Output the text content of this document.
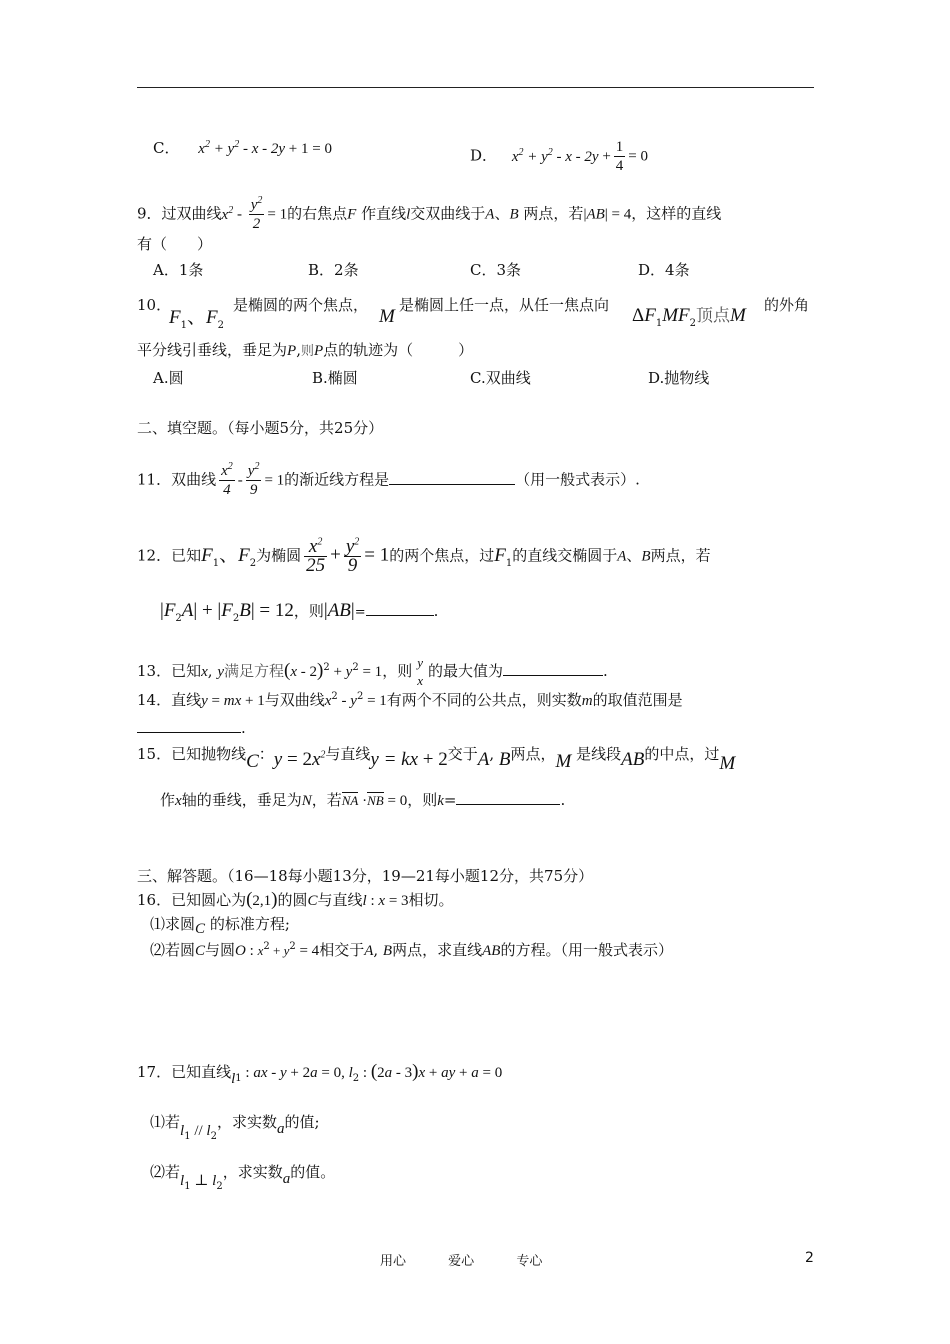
C． $x^2 + y^2 - x - 2y + 1 = 0$	D． $x^2 + y^2 - x - 2y + \frac{1}{4} = 0$
9．过双曲线$x^2 - \frac{y^2}{2} = 1$的右焦点F 作直线l交双曲线于A、B 两点，若|AB| = 4，这样的直线
有（　　）
A．1条	B．2条	C．3条	D．4条
10．
$F_1$、$F_2$
是椭圆的两个焦点，
M
是椭圆上任一点，从任一焦点向 $\Delta F_1MF_2$顶点M 的外角
平分线引垂线，垂足为P,则P点的轨迹为（　　　）
A.圆	B.椭圆	C.双曲线	D.抛物线
二、填空题。（每小题5分，共25分）
11．双曲线 $\frac{x^2}{4} - \frac{y^2}{9} = 1$的渐近线方程是	（用一般式表示）.
12．已知$F_1$、$F_2$为椭圆 $\frac{x^2}{25} + \frac{y^2}{9} = 1$的两个焦点，过$F_1$的直线交椭圆于A、B两点，若
$|F_2A| + |F_2B| = 12$，则|AB|=	.
13．已知x, y满足方程$(x - 2)^2 + y^2 = 1$，则 y
x
的最大值为	.
14．直线y = mx + 1与双曲线$x^2 - y^2 = 1$有两个不同的公共点，则实数m的取值范围是
.
15．已知抛物线C：$y = 2x^2$与直线y = kx + 2交于A, B两点，M 是线段AB的中点，过M
作x轴的垂线，垂足为N，若NA ·NB = 0，则k=	.
三、解答题。（16—18每小题13分，19—21每小题12分，共75分）
16．已知圆心为(2,1)的圆C与直线l : x = 3相切。
⑴求圆C 的标准方程;
⑵若圆C与圆O : $x^2 + y^2 = 4$相交于A, B两点，求直线AB的方程。（用一般式表示）
17．已知直线$l_1$ : ax - y + 2a = 0, $l_2$ : (2a - 3)x + ay + a = 0
⑴若$l_1 // l_2$，求实数a的值;
⑵若$l_1$ ⊥ $l_2$，求实数a的值。
用心	爱心	专心	2
